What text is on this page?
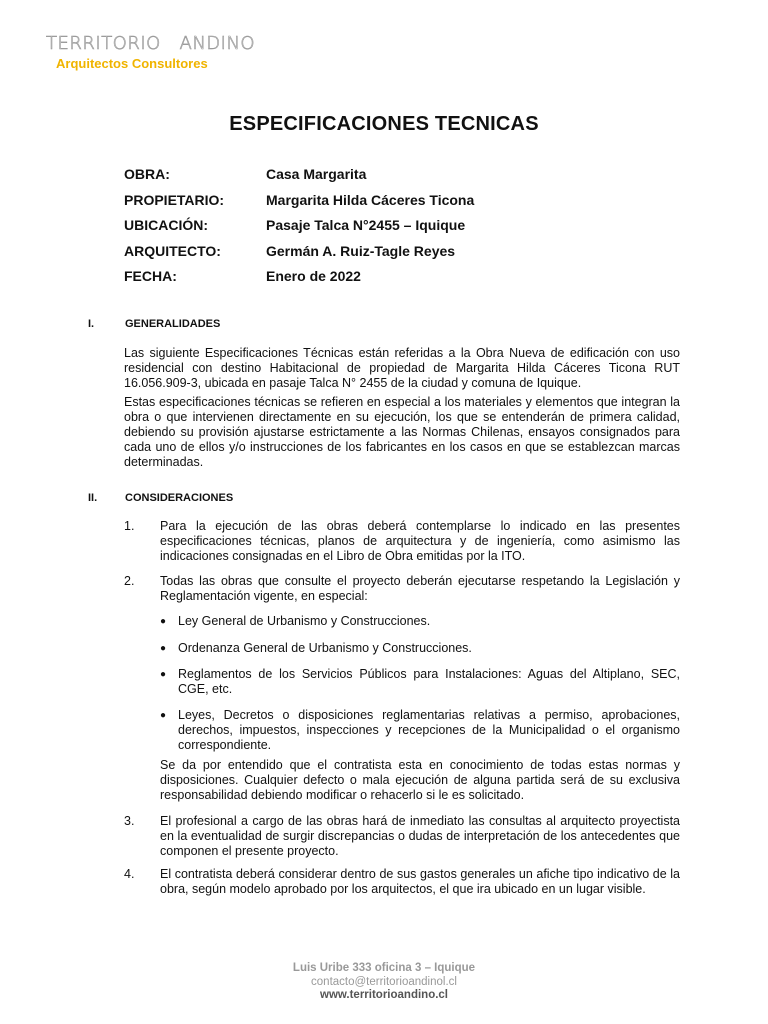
TERRITORIO ANDINO
Arquitectos Consultores
ESPECIFICACIONES TECNICAS
OBRA:	Casa Margarita
PROPIETARIO:	Margarita Hilda Cáceres Ticona
UBICACIÓN:	Pasaje Talca N°2455 – Iquique
ARQUITECTO:	Germán A. Ruiz-Tagle Reyes
FECHA:	Enero de 2022
I.	GENERALIDADES
Las siguiente Especificaciones Técnicas están referidas a la Obra Nueva de edificación con uso residencial con destino Habitacional de propiedad de Margarita Hilda Cáceres Ticona RUT 16.056.909-3, ubicada en pasaje Talca N° 2455 de la ciudad y comuna de Iquique.
Estas especificaciones técnicas se refieren en especial a los materiales y elementos que integran la obra o que intervienen directamente en su ejecución, los que se entenderán de primera calidad, debiendo su provisión ajustarse estrictamente a las Normas Chilenas, ensayos consignados para cada uno de ellos y/o instrucciones de los fabricantes en los casos en que se establezcan marcas determinadas.
II.	CONSIDERACIONES
1. Para la ejecución de las obras deberá contemplarse lo indicado en las presentes especificaciones técnicas, planos de arquitectura y de ingeniería, como asimismo las indicaciones consignadas en el Libro de Obra emitidas por la ITO.
2. Todas las obras que consulte el proyecto deberán ejecutarse respetando la Legislación y Reglamentación vigente, en especial:
● Ley General de Urbanismo y Construcciones.
● Ordenanza General de Urbanismo y Construcciones.
● Reglamentos de los Servicios Públicos para Instalaciones: Aguas del Altiplano, SEC, CGE, etc.
● Leyes, Decretos o disposiciones reglamentarias relativas a permiso, aprobaciones, derechos, impuestos, inspecciones y recepciones de la Municipalidad o el organismo correspondiente.
Se da por entendido que el contratista esta en conocimiento de todas estas normas y disposiciones. Cualquier defecto o mala ejecución de alguna partida será de su exclusiva responsabilidad debiendo modificar o rehacerlo si le es solicitado.
3. El profesional a cargo de las obras hará de inmediato las consultas al arquitecto proyectista en la eventualidad de surgir discrepancias o dudas de interpretación de los antecedentes que componen el presente proyecto.
4. El contratista deberá considerar dentro de sus gastos generales un afiche tipo indicativo de la obra, según modelo aprobado por los arquitectos, el que ira ubicado en un lugar visible.
Luis Uribe 333 oficina 3 – Iquique
contacto@territorioandinol.cl
www.territorioandino.cl
